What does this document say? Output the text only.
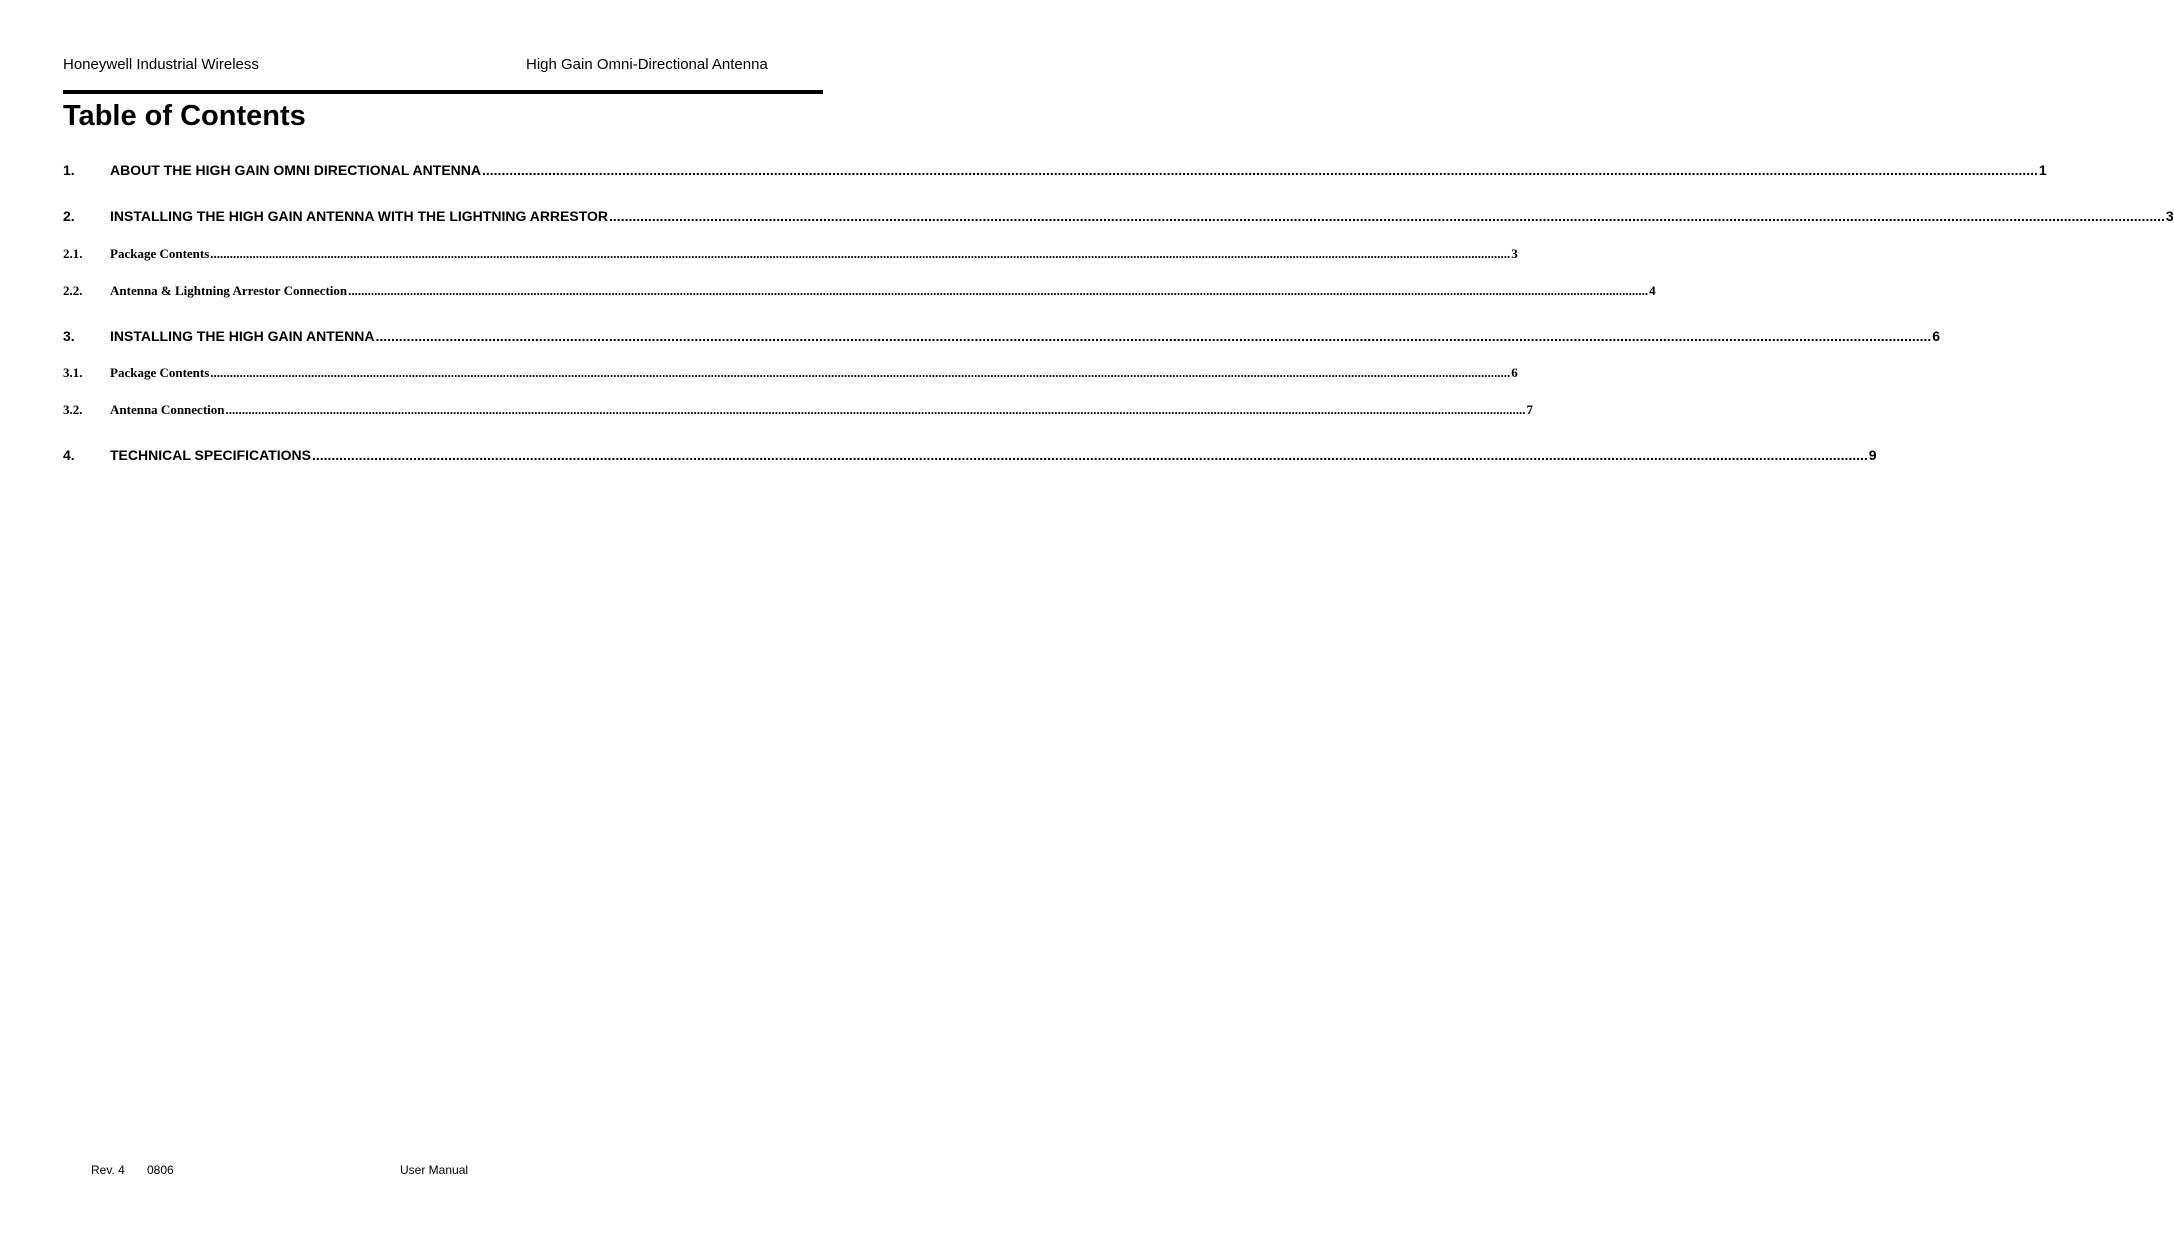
Honeywell Industrial Wireless	High Gain Omni-Directional Antenna
Table of Contents
1.	ABOUT THE HIGH GAIN OMNI DIRECTIONAL ANTENNA ................................................................................................................................................................................................................................................................................................................................................................................................................ 1
2.	INSTALLING THE HIGH GAIN ANTENNA WITH THE LIGHTNING ARRESTOR ................................................................................................................................................................................................................................................................................................................................................................................................................ 3
2.1.	Package Contents ................................................................................................................................................................................................................................................................................................................................................................................................................ 3
2.2.	Antenna & Lightning Arrestor Connection ................................................................................................................................................................................................................................................................................................................................................................................................................ 4
3.	INSTALLING THE HIGH GAIN ANTENNA ................................................................................................................................................................................................................................................................................................................................................................................................................ 6
3.1.	Package Contents ................................................................................................................................................................................................................................................................................................................................................................................................................ 6
3.2.	Antenna Connection ................................................................................................................................................................................................................................................................................................................................................................................................................ 7
4.	TECHNICAL SPECIFICATIONS ................................................................................................................................................................................................................................................................................................................................................................................................................ 9
Rev. 4 0806	User Manual
